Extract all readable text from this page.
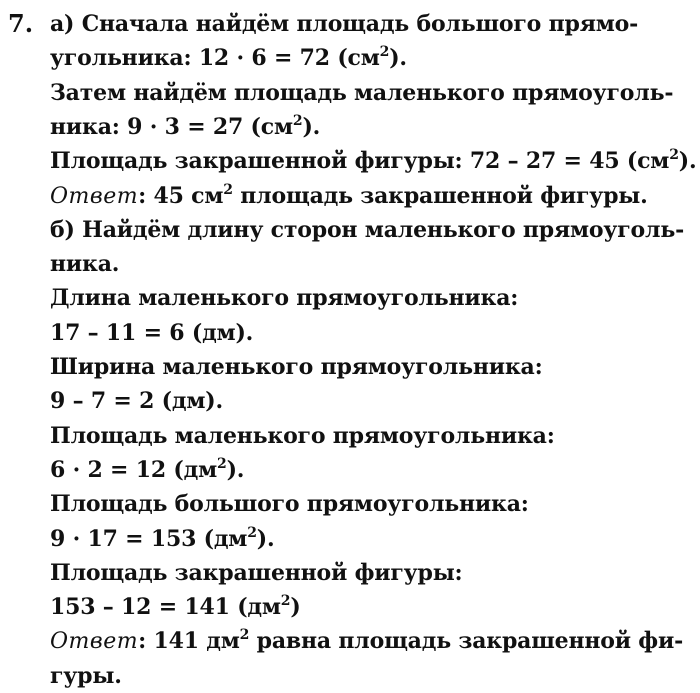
7. а) Сначала найдём площадь большого прямо-
угольника: 12 · 6 = 72 $(см^2)$.
Затем найдём площадь маленького прямоуголь-
ника: 9 · 3 = 27 $(см^2)$.
Площадь закрашенной фигуры: 72 – 27 = 45 $(см^2)$.
Ответ: 45 $см^2$ площадь закрашенной фигуры.
б) Найдём длину сторон маленького прямоуголь-
ника.
Длина маленького прямоугольника:
17 – 11 = 6 (дм).
Ширина маленького прямоугольника:
9 – 7 = 2 (дм).
Площадь маленького прямоугольника:
6 · 2 = 12 $(дм^2)$.
Площадь большого прямоугольника:
9 · 17 = 153 $(дм^2)$.
Площадь закрашенной фигуры:
153 – 12 = 141 $(дм^2)$
Ответ: 141 $дм^2$ равна площадь закрашенной фи-
гуры.
